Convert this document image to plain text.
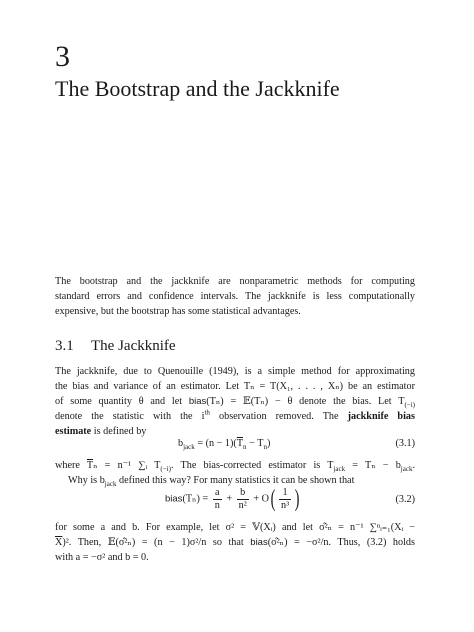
3
The Bootstrap and the Jackknife
The bootstrap and the jackknife are nonparametric methods for computing
standard errors and confidence intervals. The jackknife is less computationally
expensive, but the bootstrap has some statistical advantages.
3.1 The Jackknife
The jackknife, due to Quenouille (1949), is a simple method for approximating
the bias and variance of an estimator. Let Tₙ = T(X₁, . . . , Xₙ) be an estimator
of some quantity θ and let bias(Tₙ) = 𝔼(Tₙ) − θ denote the bias. Let $T_{(-i)}$
denote the statistic with the $i^{th}$ observation removed. The jackknife bias
estimate is defined by
$b_{jack} = (n - 1)(\overline{T}_n - T_n)$	(3.1)
where $\overline{T}_n = n^{-1}$ ∑ᵢ $T_{(-i)}$. The bias-corrected estimator is $T_{jack} = T_n - b_{jack}$.
Why is $b_{jack}$ defined this way? For many statistics it can be shown that
bias(Tₙ) = $\frac{a}{n} + \frac{b}{\text{n²}} + O( \frac{1}{\text{n³}}$ )	(3.2)
for some a and b. For example, let σ² = 𝕍(Xᵢ) and let σ̂²ₙ = n⁻¹ ∑ⁿᵢ₌₁(Xᵢ −
$\overline{X})^2$. Then, 𝔼(σ̂²ₙ) = (n − 1)σ²/n so that bias(σ̂²ₙ) = −σ²/n. Thus, (3.2) holds
with a = −σ² and b = 0.
